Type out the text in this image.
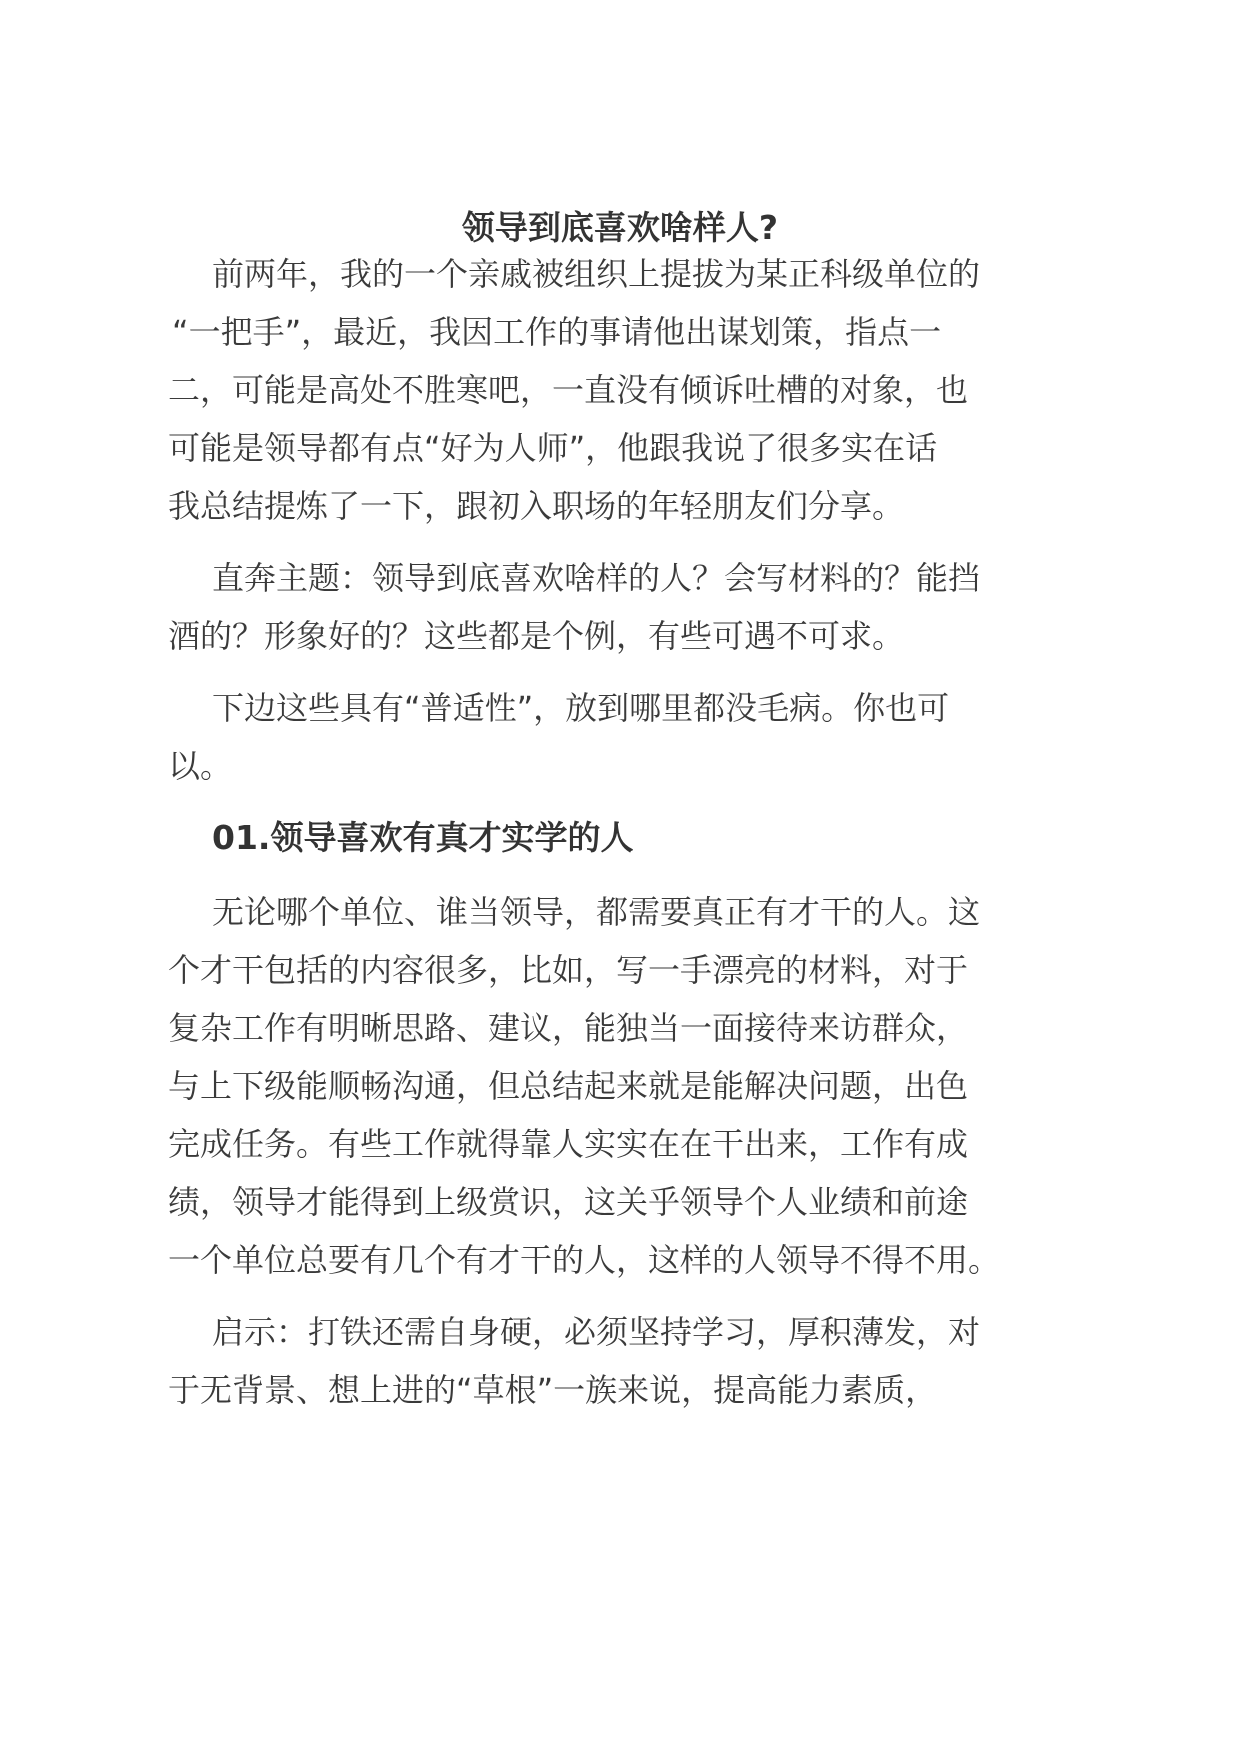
领导到底喜欢啥样人?
前两年，我的一个亲戚被组织上提拔为某正科级单位的
“一把手”，最近，我因工作的事请他出谋划策，指点一
二，可能是高处不胜寒吧，一直没有倾诉吐槽的对象，也
可能是领导都有点“好为人师”，他跟我说了很多实在话
我总结提炼了一下，跟初入职场的年轻朋友们分享。
直奔主题：领导到底喜欢啥样的人？会写材料的？能挡
酒的？形象好的？这些都是个例，有些可遇不可求。
下边这些具有“普适性”，放到哪里都没毛病。你也可
以。
01.领导喜欢有真才实学的人
无论哪个单位、谁当领导，都需要真正有才干的人。这
个才干包括的内容很多，比如，写一手漂亮的材料，对于
复杂工作有明晰思路、建议，能独当一面接待来访群众，
与上下级能顺畅沟通，但总结起来就是能解决问题，出色
完成任务。有些工作就得靠人实实在在干出来，工作有成
绩，领导才能得到上级赏识，这关乎领导个人业绩和前途
一个单位总要有几个有才干的人，这样的人领导不得不用。
启示：打铁还需自身硬，必须坚持学习，厚积薄发，对
于无背景、想上进的“草根”一族来说，提高能力素质，
